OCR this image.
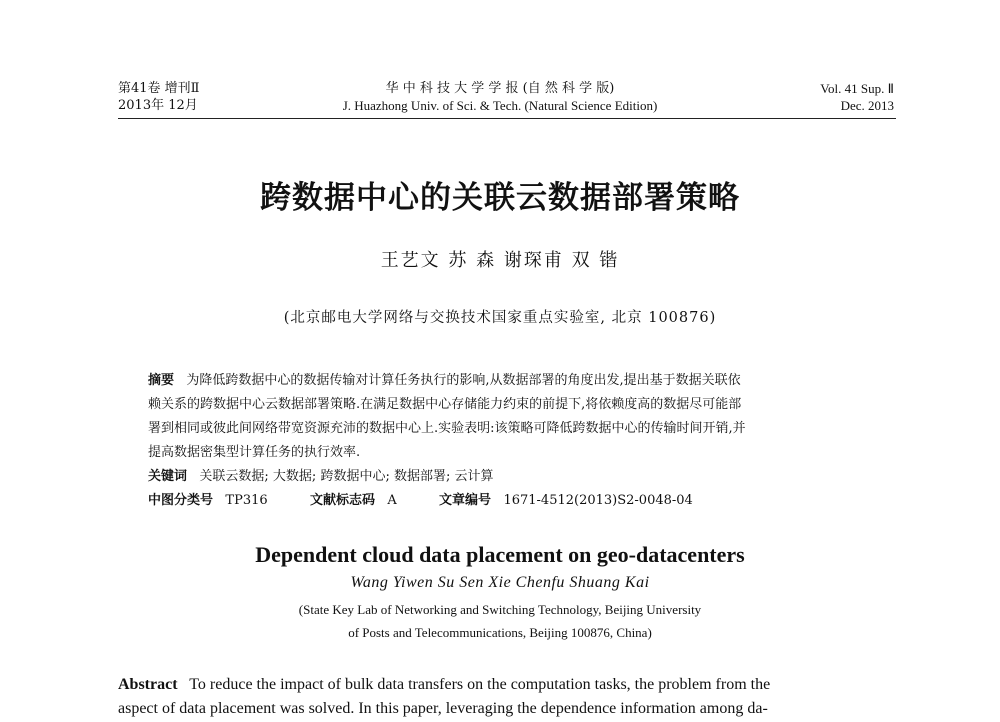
第41卷 增刊Ⅱ
2013年 12月
华 中 科 技 大 学 学 报 (自 然 科 学 版)
J. Huazhong Univ. of Sci. & Tech. (Natural Science Edition)
Vol. 41 Sup. Ⅱ
Dec. 2013
跨数据中心的关联云数据部署策略
王艺文 苏 森 谢琛甫 双 锴
(北京邮电大学网络与交换技术国家重点实验室, 北京 100876)
摘要 为降低跨数据中心的数据传输对计算任务执行的影响,从数据部署的角度出发,提出基于数据关联依
赖关系的跨数据中心云数据部署策略.在满足数据中心存储能力约束的前提下,将依赖度高的数据尽可能部
署到相同或彼此间网络带宽资源充沛的数据中心上.实验表明:该策略可降低跨数据中心的传输时间开销,并
提高数据密集型计算任务的执行效率.
关键词 关联云数据; 大数据; 跨数据中心; 数据部署; 云计算
中图分类号 TP316	文献标志码 A	文章编号 1671-4512(2013)S2-0048-04
Dependent cloud data placement on geo-datacenters
Wang Yiwen Su Sen Xie Chenfu Shuang Kai
(State Key Lab of Networking and Switching Technology, Beijing University
of Posts and Telecommunications, Beijing 100876, China)
Abstract To reduce the impact of bulk data transfers on the computation tasks, the problem from the
aspect of data placement was solved. In this paper, leveraging the dependence information among da-
